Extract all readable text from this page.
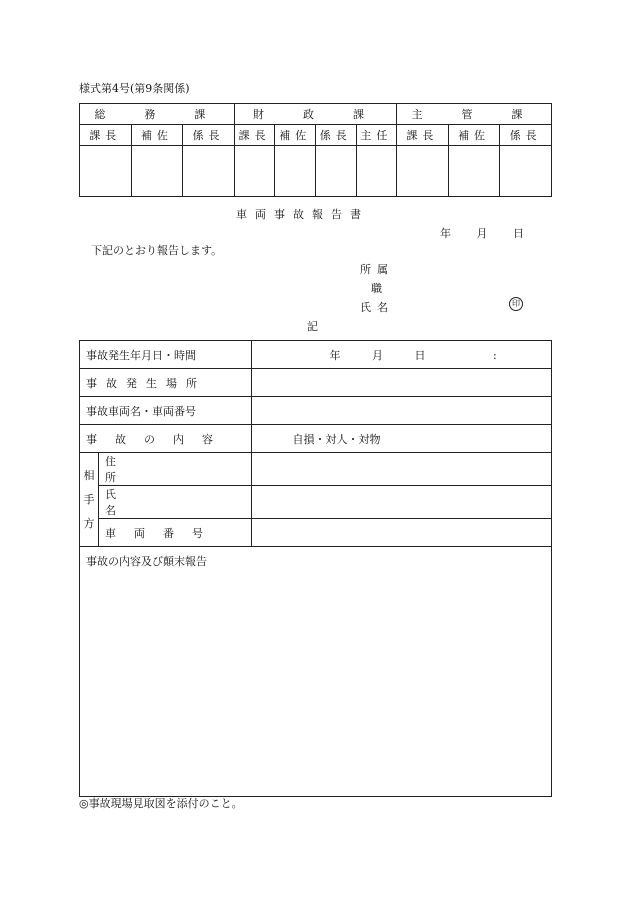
様式第4号(第9条関係)
総　務　課			財　政　課				主　管　課		
課長	補佐	係長	課長	補佐	係長	主任	課長	補佐	係長

車両事故報告書
年 月 日
下記のとおり報告します。
所属
職
氏名	印
記
事故発生年月日・時間		年 月 日 :
事故発生場所		
事故車両名・車両番号		
事故の内容		自損・対人・対物

相
手
方	住所	
	氏名	
	車両番号	
事故の内容及び顛末報告		
◎事故現場見取図を添付のこと。
